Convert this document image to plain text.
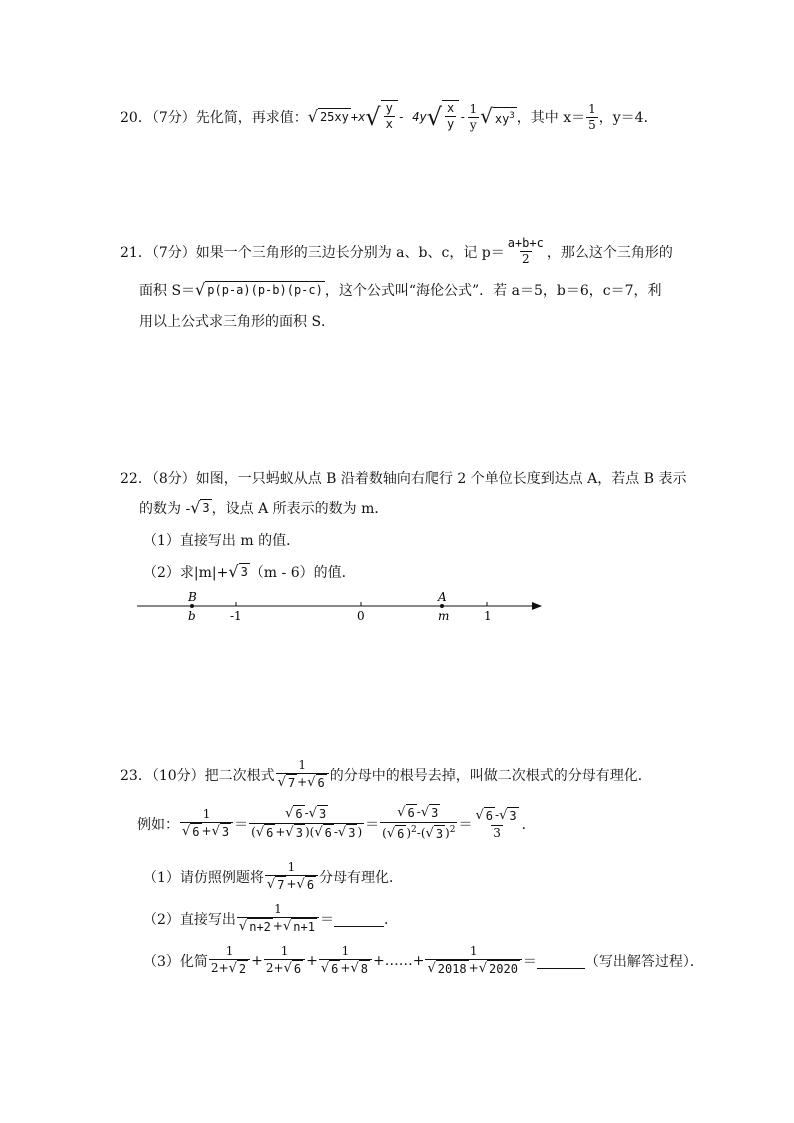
20．（7分）先化简，再求值： √ 25xy +x √ $\frac{y}{x} - 4y$ √ $\frac{x}{y} - \frac{1}{y}$ √ $xy^3$ ，其中 $x= \frac{1}{5}$ ，y＝4．
21．（7分）如果一个三角形的三边长分别为 a、b、c，记 $p= \frac{a+b+c}{2}$ ，那么这个三角形的
面积 S＝ √ p(p-a)(p-b)(p-c) ，这个公式叫“海伦公式”．若 a＝5，b＝6，c＝7，利
用以上公式求三角形的面积 S．
22．（8分）如图，一只蚂蚁从点 B 沿着数轴向右爬行 2 个单位长度到达点 A，若点 B 表示
的数为 - √ 3 ，设点 A 所表示的数为 m．
（1）直接写出 m 的值．
（2）求|m|+ √ 3 （m - 6）的值．
B
b	-1	0
A
m	1
23．（10分）把二次根式 $\frac{1}{√ 7 + √ 6}$ 的分母中的根号去掉，叫做二次根式的分母有理化．
例如： $\frac{1}{√ 6 + √ 3} = \frac{√ 6 - √ 3}{( √ 6 + √ 3 )( √ 6 - √ 3 )} = \frac{√ 6 - √ 3}{( √ 6 )^2-( √ 3 )^2} = \frac{√ 6 - √ 3}{3}$ ．
（1）请仿照例题将 $\frac{1}{√ 7 + √ 6}$ 分母有理化．
（2）直接写出 $\frac{1}{√ n+2 + √ n+1}$ ＝	．
（3）化简 $\frac{1}{2+ √ 2} + \frac{1}{2+ √ 6} + \frac{1}{√ 6 + √ 8}$ +……+ $\frac{1}{√ 2018 + √ 2020}$ ＝	（写出解答过程）．
